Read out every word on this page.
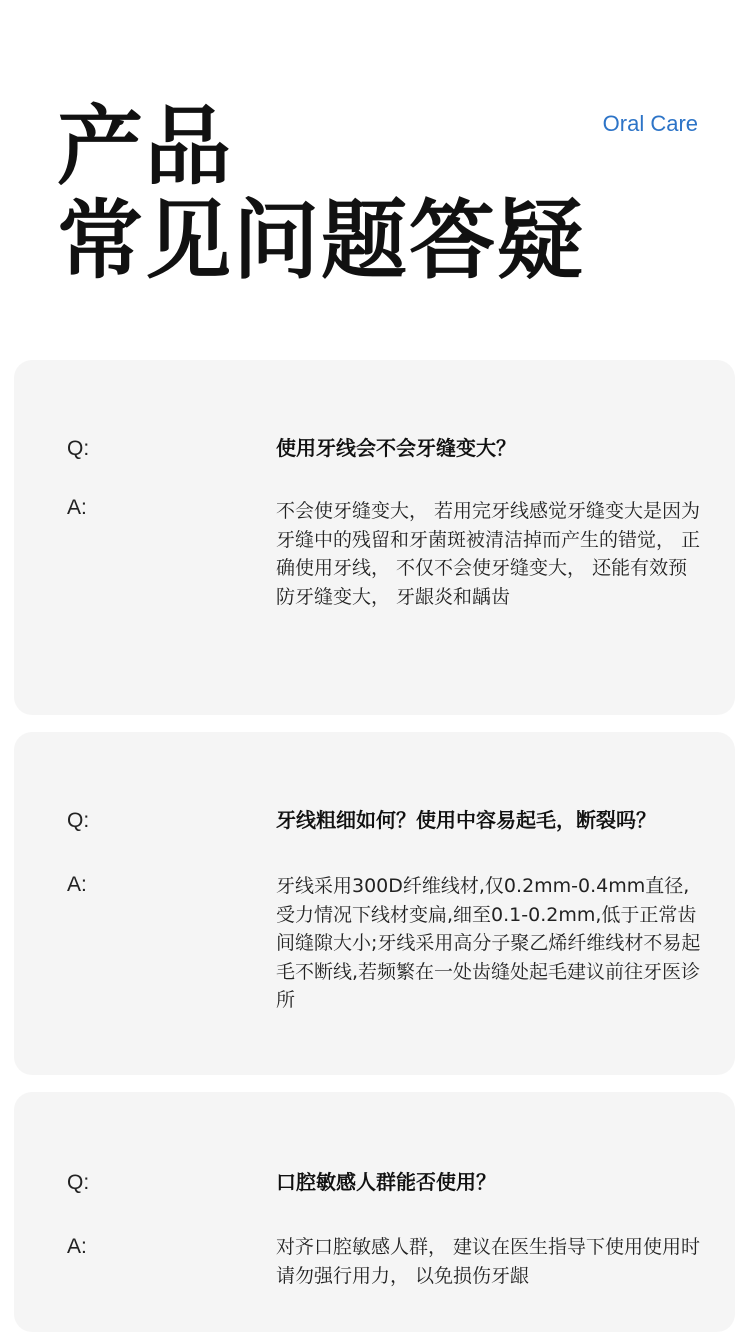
产品
常见问题答疑
Oral Care
Q:	使用牙线会不会牙缝变大？
A:	不会使牙缝变大， 若用完牙线感觉牙缝变大是因为牙缝中的残留和牙菌斑被清洁掉而产生的错觉， 正确使用牙线， 不仅不会使牙缝变大， 还能有效预防牙缝变大， 牙龈炎和龋齿
Q:	牙线粗细如何？使用中容易起毛，断裂吗？
A:	牙线采用300D纤维线材,仅0.2mm-0.4mm直径,受力情况下线材变扁,细至0.1-0.2mm,低于正常齿间缝隙大小;牙线采用高分子聚乙烯纤维线材不易起毛不断线,若频繁在一处齿缝处起毛建议前往牙医诊所
Q:	口腔敏感人群能否使用？
A:	对齐口腔敏感人群， 建议在医生指导下使用使用时请勿强行用力， 以免损伤牙龈
